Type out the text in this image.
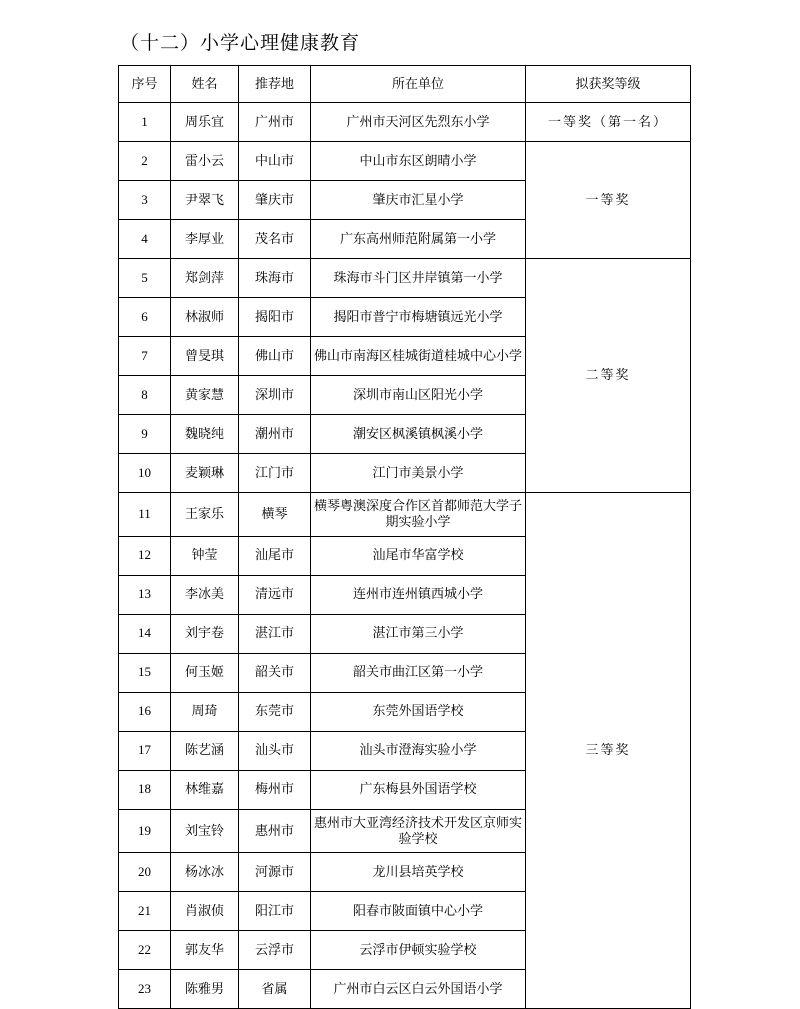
（十二）小学心理健康教育
序号	姓名	推荐地	所在单位	拟获奖等级
1	周乐宜	广州市	广州市天河区先烈东小学	一等奖（第一名）
2	雷小云	中山市	中山市东区朗晴小学	一等奖
3	尹翠飞	肇庆市	肇庆市汇星小学	
4	李厚业	茂名市	广东高州师范附属第一小学	
5	郑剑萍	珠海市	珠海市斗门区井岸镇第一小学	二等奖
6	林淑师	揭阳市	揭阳市普宁市梅塘镇远光小学	
7	曾旻琪	佛山市	佛山市南海区桂城街道桂城中心小学	
8	黄家慧	深圳市	深圳市南山区阳光小学	
9	魏晓纯	潮州市	潮安区枫溪镇枫溪小学	
10	麦颖琳	江门市	江门市美景小学	
11	王家乐	横琴	横琴粤澳深度合作区首都师范大学子期实验小学	三等奖
12	钟莹	汕尾市	汕尾市华富学校	
13	李冰美	清远市	连州市连州镇西城小学	
14	刘宇卷	湛江市	湛江市第三小学	
15	何玉姬	韶关市	韶关市曲江区第一小学	
16	周琦	东莞市	东莞外国语学校	
17	陈艺涵	汕头市	汕头市澄海实验小学	
18	林维嘉	梅州市	广东梅县外国语学校	
19	刘宝铃	惠州市	惠州市大亚湾经济技术开发区京师实验学校	
20	杨冰冰	河源市	龙川县培英学校	
21	肖淑侦	阳江市	阳春市陂面镇中心小学	
22	郭友华	云浮市	云浮市伊顿实验学校	
23	陈雅男	省属	广州市白云区白云外国语小学	
